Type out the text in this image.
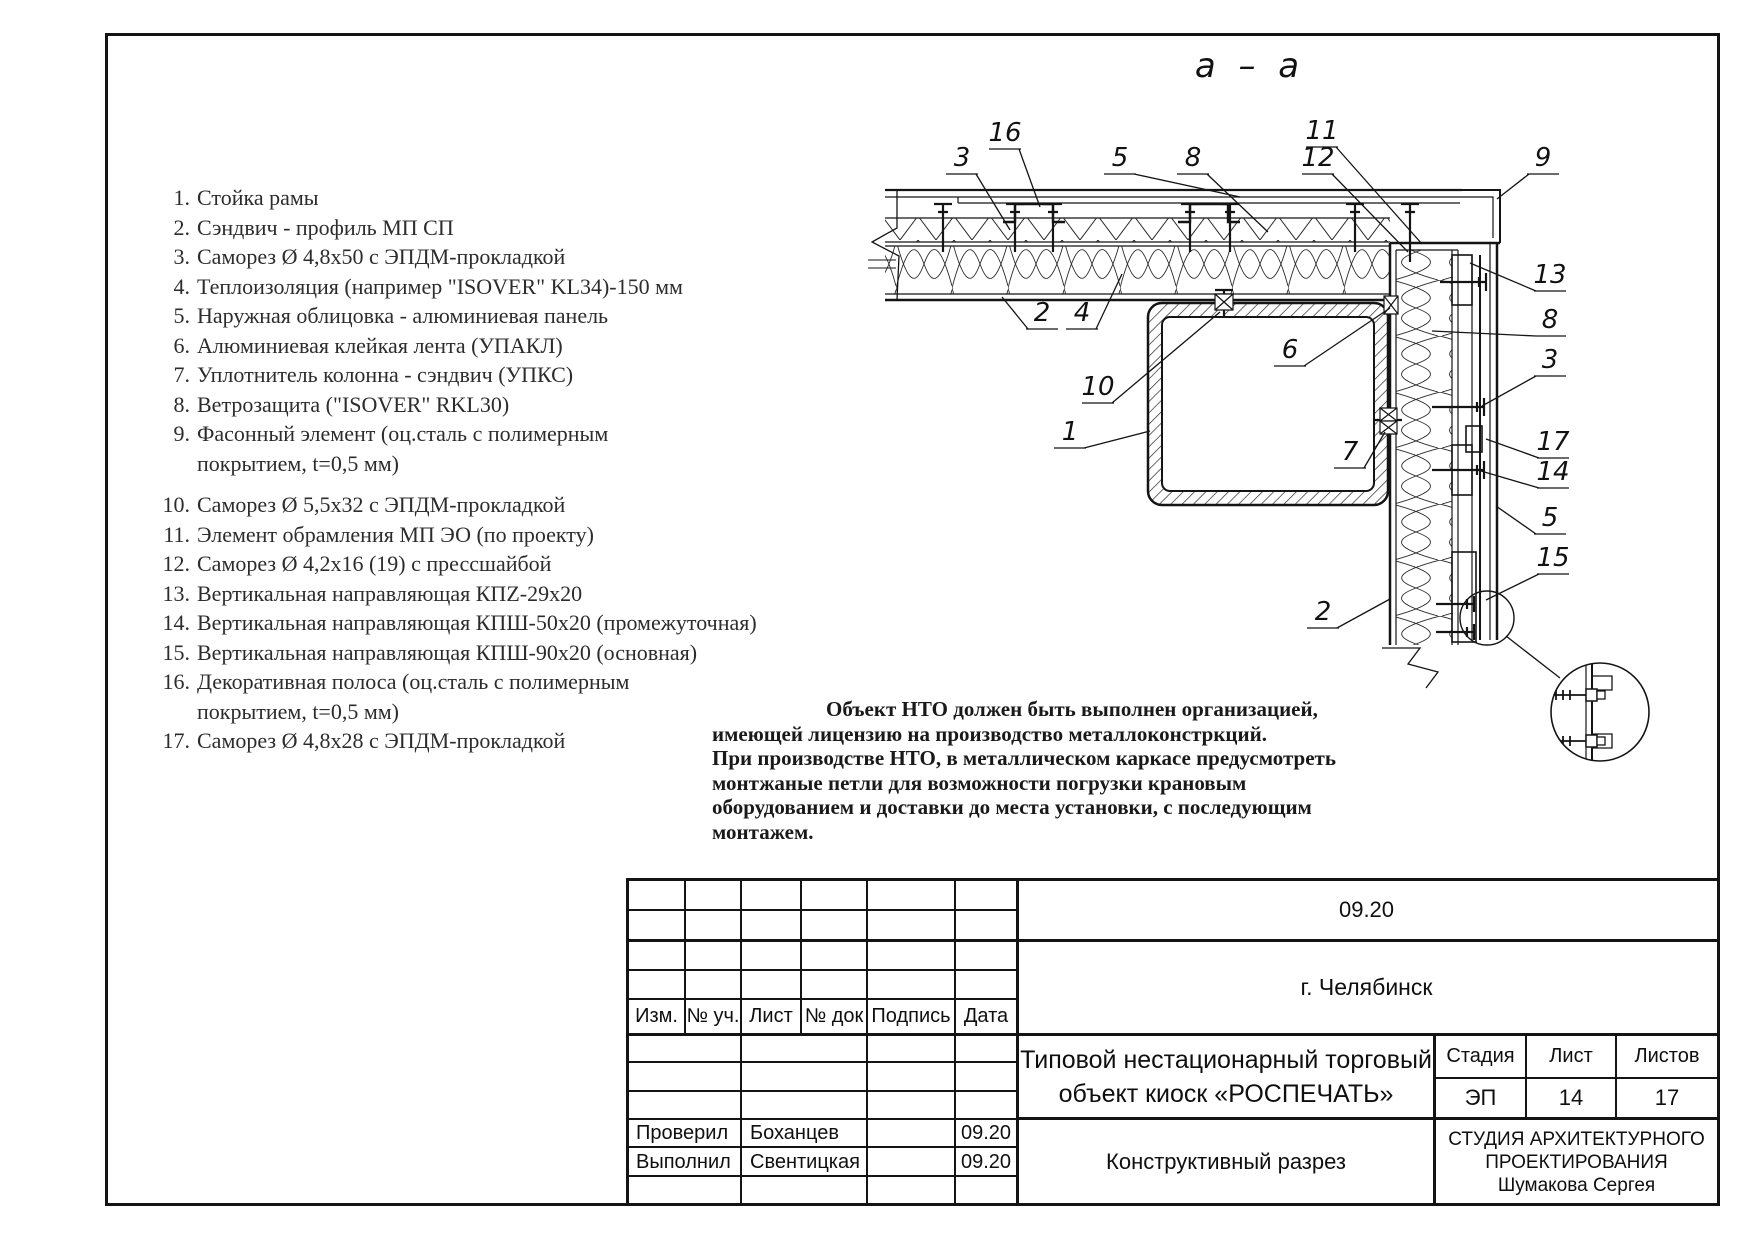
а – а
1. Стойка рамы
2. Сэндвич - профиль МП СП
3. Саморез Ø 4,8х50 с ЭПДМ-прокладкой
4. Теплоизоляция (например "ISOVER" KL34)-150 мм
5. Наружная облицовка - алюминиевая панель
6. Алюминиевая клейкая лента (УПАКЛ)
7. Уплотнитель колонна - сэндвич (УПКС)
8. Ветрозащита ("ISOVER" RKL30)
9. Фасонный элемент (оц.сталь с полимерным
покрытием, t=0,5 мм)
10. Саморез Ø 5,5х32 с ЭПДМ-прокладкой
11. Элемент обрамления МП ЭО (по проекту)
12. Саморез Ø 4,2х16 (19) с прессшайбой
13. Вертикальная направляющая КПZ-29х20
14. Вертикальная направляющая КПШ-50х20 (промежуточная)
15. Вертикальная направляющая КПШ-90х20 (основная)
16. Декоративная полоса (оц.сталь с полимерным
покрытием, t=0,5 мм)
17. Саморез Ø 4,8х28 с ЭПДМ-прокладкой
Объект НТО должен быть выполнен организацией,
имеющей лицензию на производство металлоконстркций.
При производстве НТО, в металлическом каркасе предусмотреть
монтжаные петли для возможности погрузки крановым
оборудованием и доставки до места установки, с последующим
монтажем.
16
3	5 8
11
12	9
13
8
3
17
14
5
15
2 4
6
10
1
7
2
09.20
г. Челябинск
Изм. № уч. Лист № док Подпись Дата
Типовой нестационарный торговый
объект киоск «РОСПЕЧАТЬ»
Стадия	Лист	Листов
ЭП	14	17
Конструктивный разрез
СТУДИЯ АРХИТЕКТУРНОГО
ПРОЕКТИРОВАНИЯ
Шумакова Сергея
Проверил	Боханцев	09.20
Выполнил Свентицкая	09.20
